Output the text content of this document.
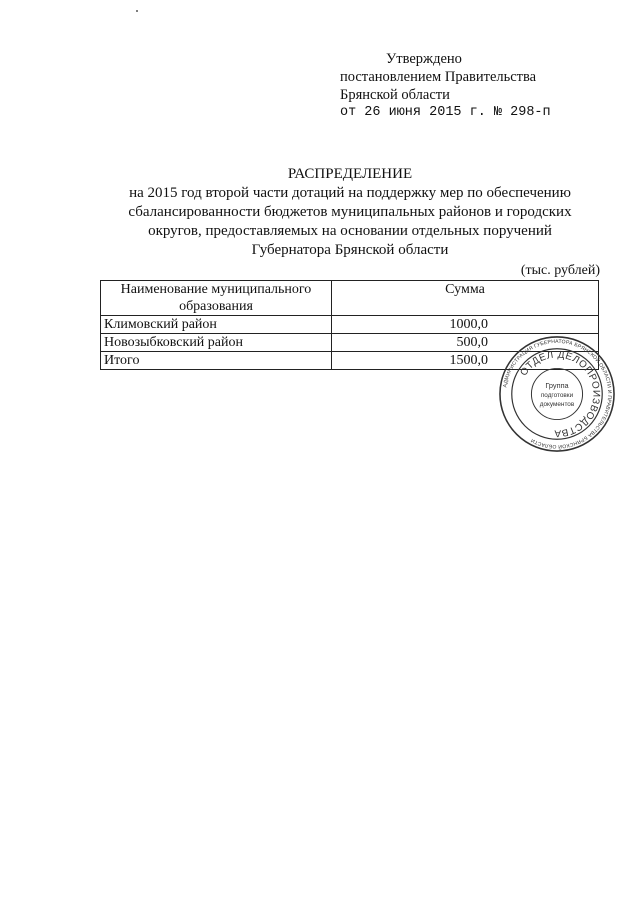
Утверждено
постановлением Правительства
Брянской области
от 26 июня 2015 г. № 298-п
РАСПРЕДЕЛЕНИЕ
на 2015 год второй части дотаций на поддержку мер по обеспечению
сбалансированности бюджетов муниципальных районов и городских
округов, предоставляемых на основании отдельных поручений
Губернатора Брянской области
(тыс. рублей)
Наименование муниципального образования	Сумма
Климовский район	1000,0
Новозыбковский район	500,0
Итого	1500,0
АДМИНИСТРАЦИЯ ГУБЕРНАТОРА БРЯНСКОЙ ОБЛАСТИ И ПРАВИТЕЛЬСТВА БРЯНСКОЙ ОБЛАСТИ
ОТДЕЛ ДЕЛОПРОИЗВОДСТВА
Группа
подготовки
документов
